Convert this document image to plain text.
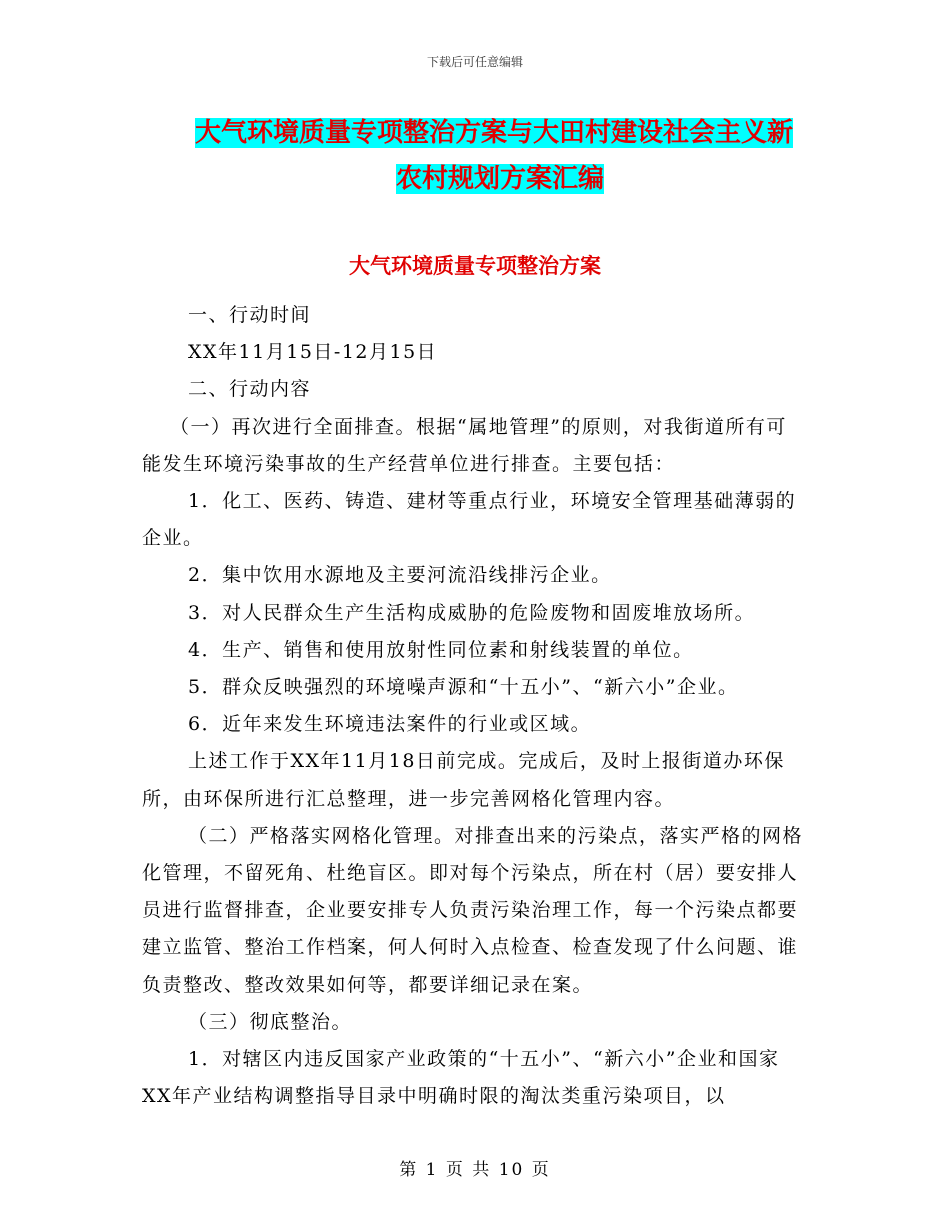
下载后可任意编辑
大气环境质量专项整治方案与大田村建设社会主义新
农村规划方案汇编
大气环境质量专项整治方案

一、行动时间

XX年11月15日-12月15日

二、行动内容

（一）再次进行全面排查。根据“属地管理”的原则，对我街道所有可能发生环境污染事故的生产经营单位进行排查。主要包括：

1．化工、医药、铸造、建材等重点行业，环境安全管理基础薄弱的企业。

2．集中饮用水源地及主要河流沿线排污企业。

3．对人民群众生产生活构成威胁的危险废物和固废堆放场所。

4．生产、销售和使用放射性同位素和射线装置的单位。

5．群众反映强烈的环境噪声源和“十五小”、“新六小”企业。

6．近年来发生环境违法案件的行业或区域。

上述工作于XX年11月18日前完成。完成后，及时上报街道办环保所，由环保所进行汇总整理，进一步完善网格化管理内容。

（二）严格落实网格化管理。对排查出来的污染点，落实严格的网格化管理，不留死角、杜绝盲区。即对每个污染点，所在村（居）要安排人员进行监督排查，企业要安排专人负责污染治理工作，每一个污染点都要建立监管、整治工作档案，何人何时入点检查、检查发现了什么问题、谁负责整改、整改效果如何等，都要详细记录在案。

（三）彻底整治。

1．对辖区内违反国家产业政策的“十五小”、“新六小”企业和国家XX年产业结构调整指导目录中明确时限的淘汰类重污染项目，以

第 1 页 共 10 页
